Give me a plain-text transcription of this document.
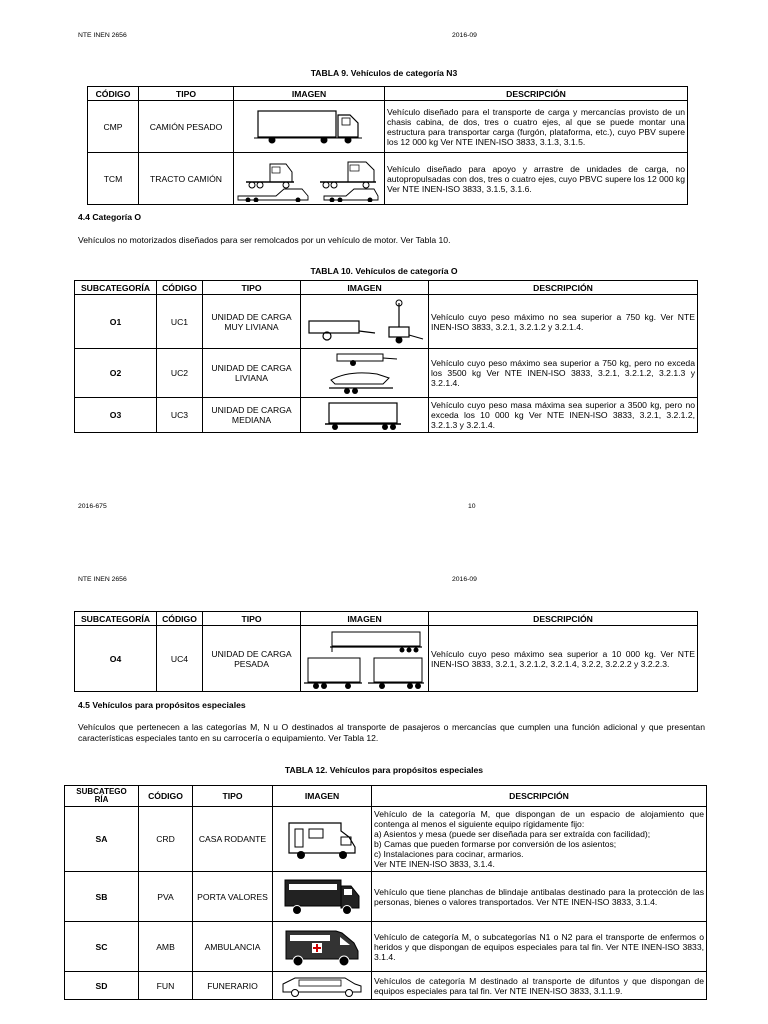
NTE INEN 2656	2016-09
TABLA 9. Vehículos de categoría N3
CÓDIGO	TIPO	IMAGEN	DESCRIPCIÓN
CMP	CAMIÓN PESADO		Vehículo diseñado para el transporte de carga y mercancías provisto de un chasis cabina, de dos, tres o cuatro ejes, al que se puede montar una estructura para transportar carga (furgón, plataforma, etc.), cuyo PBV supere los 12 000 kg Ver NTE INEN-ISO 3833, 3.1.3, 3.1.5.
TCM	TRACTO CAMIÓN		Vehículo diseñado para apoyo y arrastre de unidades de carga, no autopropulsadas con dos, tres o cuatro ejes, cuyo PBVC supere los 12 000 kg Ver NTE INEN-ISO 3833, 3.1.5, 3.1.6.
4.4 Categoría O
Vehículos no motorizados diseñados para ser remolcados por un vehículo de motor. Ver Tabla 10.
TABLA 10. Vehículos de categoría O
SUBCATEGORÍA	CÓDIGO	TIPO	IMAGEN	DESCRIPCIÓN
O1	UC1	UNIDAD DE CARGA MUY LIVIANA		Vehículo cuyo peso máximo no sea superior a 750 kg. Ver NTE INEN-ISO 3833, 3.2.1, 3.2.1.2 y 3.2.1.4.
O2	UC2	UNIDAD DE CARGA LIVIANA		Vehículo cuyo peso máximo sea superior a 750 kg, pero no exceda los 3500 kg Ver NTE INEN-ISO 3833, 3.2.1, 3.2.1.2, 3.2.1.3 y 3.2.1.4.
O3	UC3	UNIDAD DE CARGA MEDIANA		Vehículo cuyo peso masa máxima sea superior a 3500 kg, pero no exceda los 10 000 kg Ver NTE INEN-ISO 3833, 3.2.1, 3.2.1.2, 3.2.1.3 y 3.2.1.4.
2016-675	10
NTE INEN 2656	2016-09
SUBCATEGORÍA	CÓDIGO	TIPO	IMAGEN	DESCRIPCIÓN
O4	UC4	UNIDAD DE CARGA PESADA		Vehículo cuyo peso máximo sea superior a 10 000 kg. Ver NTE INEN-ISO 3833, 3.2.1, 3.2.1.2, 3.2.1.4, 3.2.2, 3.2.2.2 y 3.2.2.3.
4.5 Vehículos para propósitos especiales
Vehículos que pertenecen a las categorías M, N u O destinados al transporte de pasajeros o mercancías que cumplen una función adicional y que presentan características especiales tanto en su carrocería o equipamiento. Ver Tabla 12.
TABLA 12. Vehículos para propósitos especiales
SUBCATEGO
RÍA	CÓDIGO	TIPO	IMAGEN	DESCRIPCIÓN
SA	CRD	CASA RODANTE		Vehículo de la categoría M, que dispongan de un espacio de alojamiento que contenga al menos el siguiente equipo rígidamente fijo:
a) Asientos y mesa (puede ser diseñada para ser extraída con facilidad);
b) Camas que pueden formarse por conversión de los asientos;
c) Instalaciones para cocinar, armarios.
Ver NTE INEN-ISO 3833, 3.1.4.

SB	PVA	PORTA VALORES		Vehículo que tiene planchas de blindaje antibalas destinado para la protección de las personas, bienes o valores transportados. Ver NTE INEN-ISO 3833, 3.1.4.
SC	AMB	AMBULANCIA		Vehículo de categoría M, o subcategorías N1 o N2 para el transporte de enfermos o heridos y que dispongan de equipos especiales para tal fin. Ver NTE INEN-ISO 3833, 3.1.4.
SD	FUN	FUNERARIO		Vehículos de categoría M destinado al transporte de difuntos y que dispongan de equipos especiales para tal fin. Ver NTE INEN-ISO 3833, 3.1.1.9.
